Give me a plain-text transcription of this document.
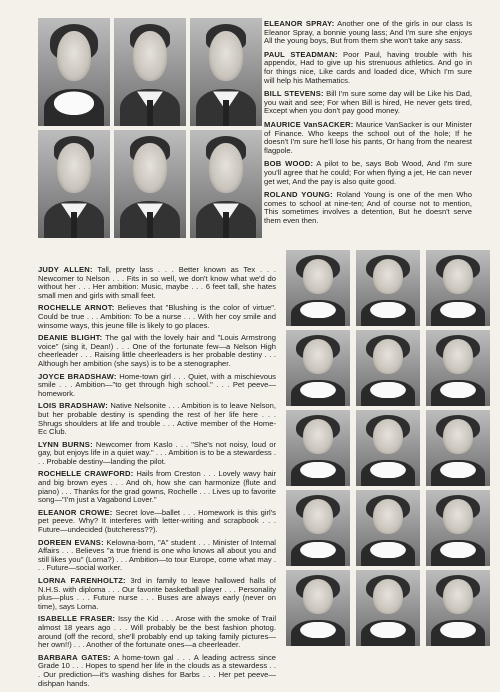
ELEANOR SPRAY: Another one of the girls in our class Is Eleanor Spray, a bonnie young lass; And I'm sure she enjoys All the young boys, But from them she won't take any sass.

PAUL STEADMAN: Poor Paul, having trouble with his appendix, Had to give up his strenuous athletics. And go in for things nice, Like cards and loaded dice, Which I'm sure will help his Mathematics.

BILL STEVENS: Bill I'm sure some day will be Like his Dad, you wait and see; For when Bill is hired, He never gets tired, Except when you don't pay good money.

MAURICE VanSACKER: Maurice VanSacker is our Minister of Finance. Who keeps the school out of the hole; If he doesn't I'm sure he'll lose his pants, Or hang from the nearest flagpole.

BOB WOOD: A pilot to be, says Bob Wood, And I'm sure you'll agree that he could; For when flying a jet, He can never get wet, And the pay is also quite good.

ROLAND YOUNG: Roland Young is one of the men Who comes to school at nine-ten; And of course not to mention, This sometimes involves a detention, But he doesn't serve them even then.

JUDY ALLEN: Tall, pretty lass . . . Better known as Tex . . . Newcomer to Nelson . . . Fits in so well, we don't know what we'd do without her . . . Her ambition: Music, maybe . . . 6 feet tall, she hates small men and girls with small feet.

ROCHELLE ARNOT: Believes that "Blushing is the color of virtue". Could be true . . . Ambition: To be a nurse . . . With her coy smile and winsome ways, this jeune fille is likely to go places.

DEANIE BLIGHT: The gal with the lovely hair and "Louis Armstrong voice" (sing it, Dean!) . . . One of the fortunate few—a Nelson High cheerleader . . . Raising little cheerleaders is her probable destiny . . . Although her ambition (she says) is to be a stenographer.

JOYCE BRADSHAW: Home-town girl . . . Quiet, with a mischievous smile . . . Ambition—"to get through high school." . . . Pet peeve—homework.

LOIS BRADSHAW: Native Nelsonite . . . Ambition is to leave Nelson, but her probable destiny is spending the rest of her life here . . . Shrugs shoulders at life and trouble . . . Active member of the Home-Ec Club.

LYNN BURNS: Newcomer from Kaslo . . . "She's not noisy, loud or gay, but enjoys life in a quiet way." . . . Ambition is to be a stewardess . . . Probable destiny—landing the pilot.

ROCHELLE CRAWFORD: Hails from Creston . . . Lovely wavy hair and big brown eyes . . . And oh, how she can harmonize (flute and piano) . . . Thanks for the grad gowns, Rochelle . . . Lives up to favorite song—"I'm just a Vagabond Lover."

ELEANOR CROWE: Secret love—ballet . . . Homework is this girl's pet peeve. Why? It interferes with letter-writing and scrapbook . . . Future—undecided (butcheress??).

DOREEN EVANS: Kelowna-born, "A" student . . . Minister of Internal Affairs . . . Believes "a true friend is one who knows all about you and still likes you" (Lorna?) . . . Ambition—to tour Europe, come what may . . . Future—social worker.

LORNA FARENHOLTZ: 3rd in family to leave hallowed halls of N.H.S. with diploma . . . Our favorite basketball player . . . Personality plus—plus . . . Future nurse . . . Buses are always early (never on time), says Lorna.

ISABELLE FRASER: Issy the Kid . . . Arose with the smoke of Trail almost 18 years ago . . . Will probably be the best fashion photog. around (off the record, she'll probably end up taking family pictures—her own!!) . . . Another of the fortunate ones—a cheerleader.

BARBARA GATES: A home-town gal . . . A leading actress since Grade 10 . . . Hopes to spend her life in the clouds as a stewardess . . . Our prediction—it's washing dishes for Barbs . . . Her pet peeve—dishpan hands.
